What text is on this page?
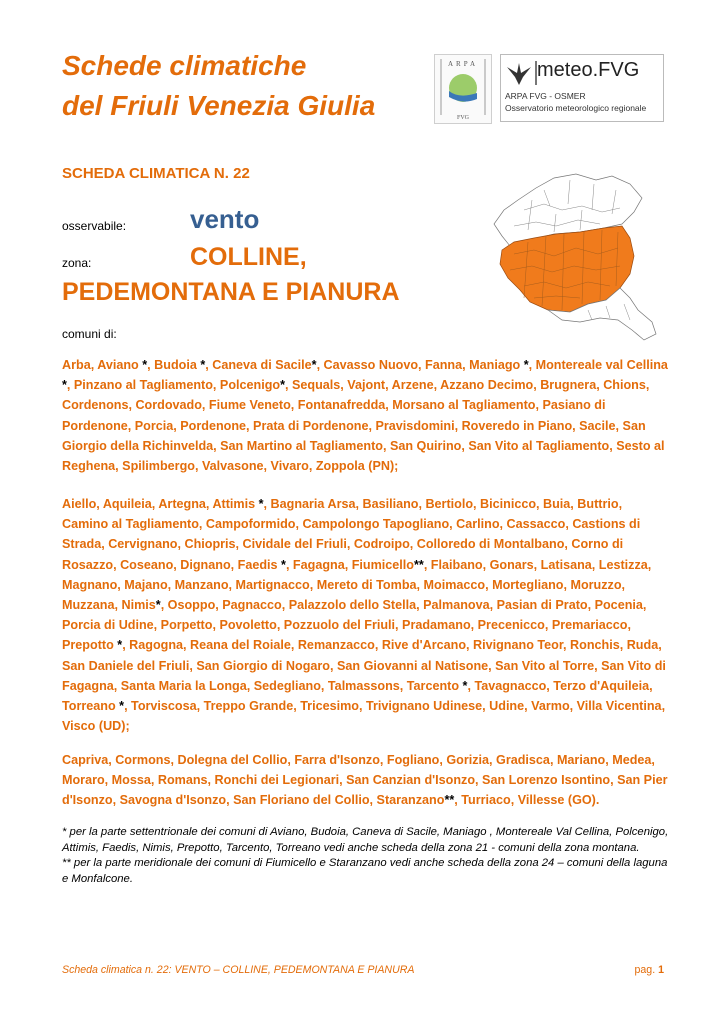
Schede climatiche
del Friuli Venezia Giulia
ARPA
FVG
meteo.FVG
ARPA FVG - OSMER
Osservatorio meteorologico regionale
SCHEDA CLIMATICA N. 22
osservabile: vento
zona:	COLLINE,
PEDEMONTANA E PIANURA
comuni di:
Arba, Aviano *, Budoia *, Caneva di Sacile*, Cavasso Nuovo, Fanna, Maniago *, Montereale val Cellina *, Pinzano al Tagliamento, Polcenigo*, Sequals, Vajont, Arzene, Azzano Decimo, Brugnera, Chions, Cordenons, Cordovado, Fiume Veneto, Fontanafredda, Morsano al Tagliamento, Pasiano di Pordenone, Porcia, Pordenone, Prata di Pordenone, Pravisdomini, Roveredo in Piano, Sacile, San Giorgio della Richinvelda, San Martino al Tagliamento, San Quirino, San Vito al Tagliamento, Sesto al Reghena, Spilimbergo, Valvasone, Vivaro, Zoppola (PN);
Aiello, Aquileia, Artegna, Attimis *, Bagnaria Arsa, Basiliano, Bertiolo, Bicinicco, Buia, Buttrio, Camino al Tagliamento, Campoformido, Campolongo Tapogliano, Carlino, Cassacco, Castions di Strada, Cervignano, Chiopris, Cividale del Friuli, Codroipo, Colloredo di Montalbano, Corno di Rosazzo, Coseano, Dignano, Faedis *, Fagagna, Fiumicello**, Flaibano, Gonars, Latisana, Lestizza, Magnano, Majano, Manzano, Martignacco, Mereto di Tomba, Moimacco, Mortegliano, Moruzzo, Muzzana, Nimis*, Osoppo, Pagnacco, Palazzolo dello Stella, Palmanova, Pasian di Prato, Pocenia, Porcia di Udine, Porpetto, Povoletto, Pozzuolo del Friuli, Pradamano, Precenicco, Premariacco, Prepotto *, Ragogna, Reana del Roiale, Remanzacco, Rive d'Arcano, Rivignano Teor, Ronchis, Ruda, San Daniele del Friuli, San Giorgio di Nogaro, San Giovanni al Natisone, San Vito al Torre, San Vito di Fagagna, Santa Maria la Longa, Sedegliano, Talmassons, Tarcento *, Tavagnacco, Terzo d'Aquileia, Torreano *, Torviscosa, Treppo Grande, Tricesimo, Trivignano Udinese, Udine, Varmo, Villa Vicentina, Visco (UD);
Capriva, Cormons, Dolegna del Collio, Farra d'Isonzo, Fogliano, Gorizia, Gradisca, Mariano, Medea, Moraro, Mossa, Romans, Ronchi dei Legionari, San Canzian d'Isonzo, San Lorenzo Isontino, San Pier d'Isonzo, Savogna d'Isonzo, San Floriano del Collio, Staranzano**, Turriaco, Villesse (GO).
* per la parte settentrionale dei comuni di Aviano, Budoia, Caneva di Sacile, Maniago , Montereale Val Cellina, Polcenigo, Attimis, Faedis, Nimis, Prepotto, Tarcento, Torreano vedi anche scheda della zona 21 - comuni della zona montana.
** per la parte meridionale dei comuni di Fiumicello e Staranzano vedi anche scheda della zona 24 – comuni della laguna e Monfalcone.
Scheda climatica n. 22: VENTO – COLLINE, PEDEMONTANA E PIANURA	pag. 1
